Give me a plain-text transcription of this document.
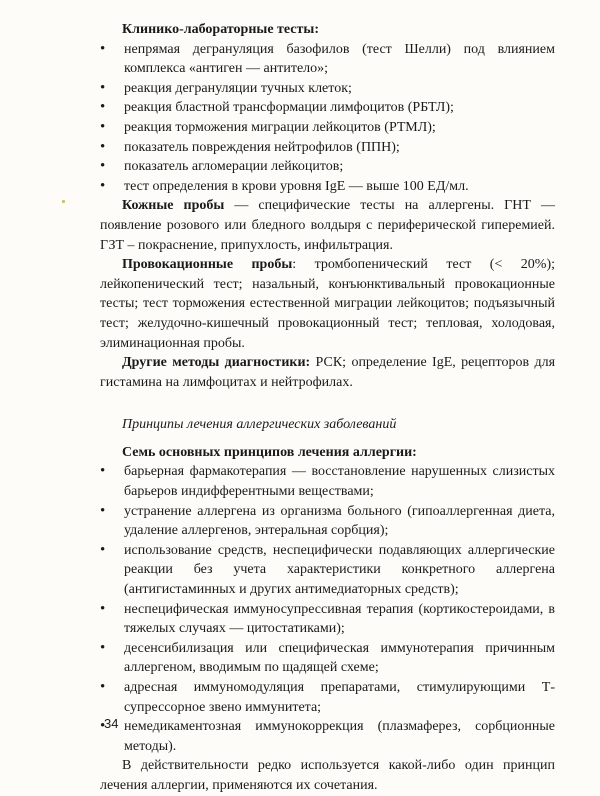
Клинико-лабораторные тесты:
• непрямая дегрануляция базофилов (тест Шелли) под влиянием комплекса «антиген — антитело»;
• реакция дегрануляции тучных клеток;
• реакция бластной трансформации лимфоцитов (РБТЛ);
• реакция торможения миграции лейкоцитов (РТМЛ);
• показатель повреждения нейтрофилов (ППН);
• показатель агломерации лейкоцитов;
• тест определения в крови уровня IgE — выше 100 ЕД/мл.

Кожные пробы — специфические тесты на аллергены. ГНТ — появление розового или бледного волдыря с периферической гиперемией. ГЗТ – покраснение, припухлость, инфильтрация.

Провокационные пробы: тромбопенический тест (< 20%); лейкопенический тест; назальный, конъюнктивальный провокационные тесты; тест торможения естественной миграции лейкоцитов; подъязычный тест; желудочно-кишечный провокационный тест; тепловая, холодовая, элиминационная пробы.

Другие методы диагностики: РСК; определение IgE, рецепторов для гистамина на лимфоцитах и нейтрофилах.

Принципы лечения аллергических заболеваний
Семь основных принципов лечения аллергии:
• барьерная фармакотерапия — восстановление нарушенных слизистых барьеров индифферентными веществами;
• устранение аллергена из организма больного (гипоаллергенная диета, удаление аллергенов, энтеральная сорбция);
• использование средств, неспецифически подавляющих аллергические реакции без учета характеристики конкретного аллергена (антигистаминных и других антимедиаторных средств);
• неспецифическая иммуносупрессивная терапия (кортикостероидами, в тяжелых случаях — цитостатиками);
• десенсибилизация или специфическая иммунотерапия причинным аллергеном, вводимым по щадящей схеме;
• адресная иммуномодуляция препаратами, стимулирующими Т-супрессорное звено иммунитета;
• немедикаментозная иммунокоррекция (плазмаферез, сорбционные методы).

В действительности редко используется какой-либо один принцип лечения аллергии, применяются их сочетания.

34
